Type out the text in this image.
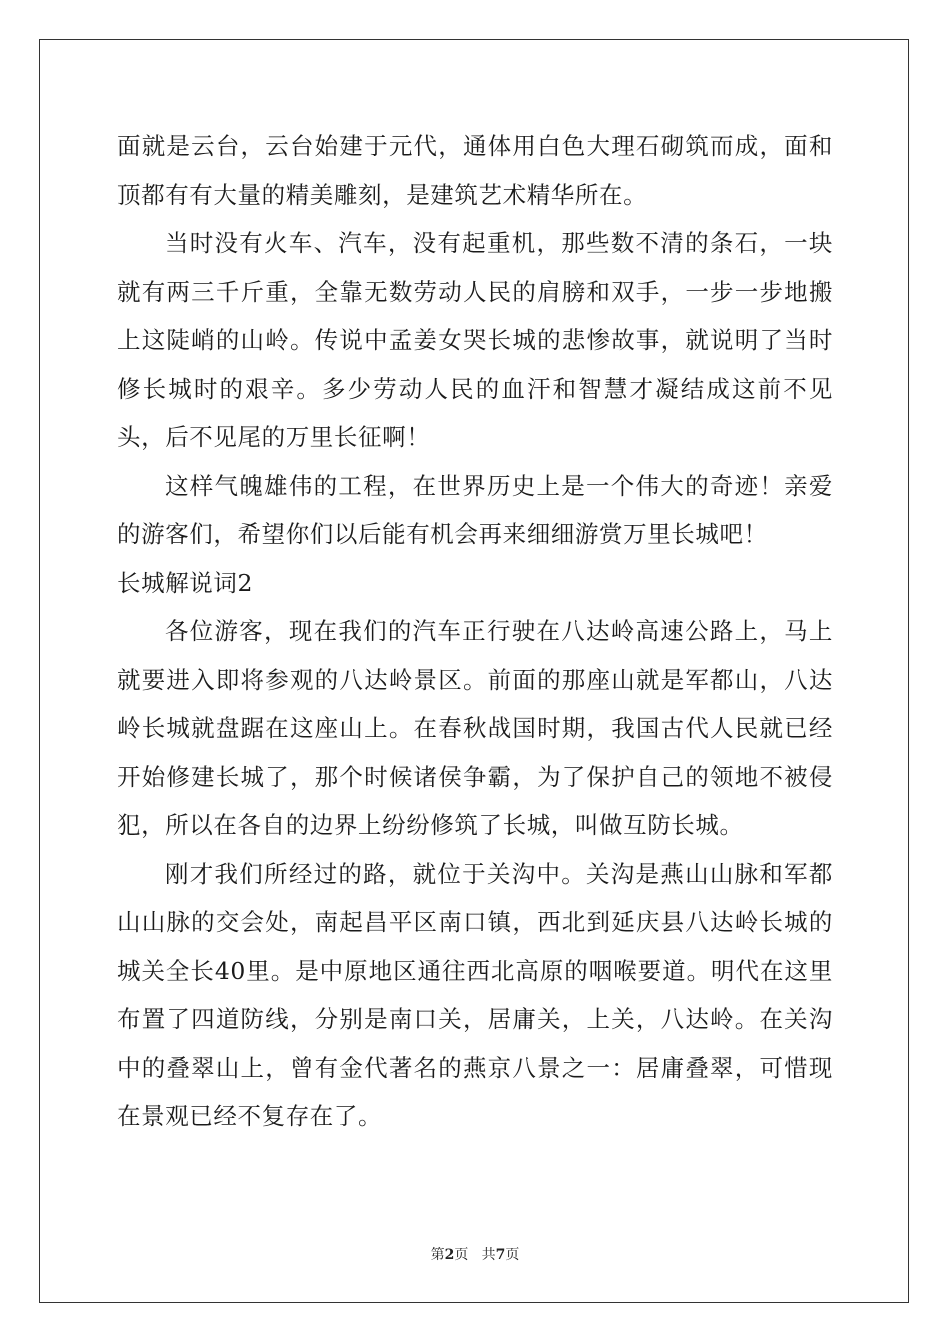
面就是云台，云台始建于元代，通体用白色大理石砌筑而成，面和顶都有有大量的精美雕刻，是建筑艺术精华所在。

当时没有火车、汽车，没有起重机，那些数不清的条石，一块就有两三千斤重，全靠无数劳动人民的肩膀和双手，一步一步地搬上这陡峭的山岭。传说中孟姜女哭长城的悲惨故事，就说明了当时修长城时的艰辛。多少劳动人民的血汗和智慧才凝结成这前不见头，后不见尾的万里长征啊！

这样气魄雄伟的工程，在世界历史上是一个伟大的奇迹！亲爱的游客们，希望你们以后能有机会再来细细游赏万里长城吧！

长城解说词2

各位游客，现在我们的汽车正行驶在八达岭高速公路上，马上就要进入即将参观的八达岭景区。前面的那座山就是军都山，八达岭长城就盘踞在这座山上。在春秋战国时期，我国古代人民就已经开始修建长城了，那个时候诸侯争霸，为了保护自己的领地不被侵犯，所以在各自的边界上纷纷修筑了长城，叫做互防长城。

刚才我们所经过的路，就位于关沟中。关沟是燕山山脉和军都山山脉的交会处，南起昌平区南口镇，西北到延庆县八达岭长城的城关全长40里。是中原地区通往西北高原的咽喉要道。明代在这里布置了四道防线，分别是南口关，居庸关，上关，八达岭。在关沟中的叠翠山上，曾有金代著名的燕京八景之一：居庸叠翠，可惜现在景观已经不复存在了。

第2页 共7页
